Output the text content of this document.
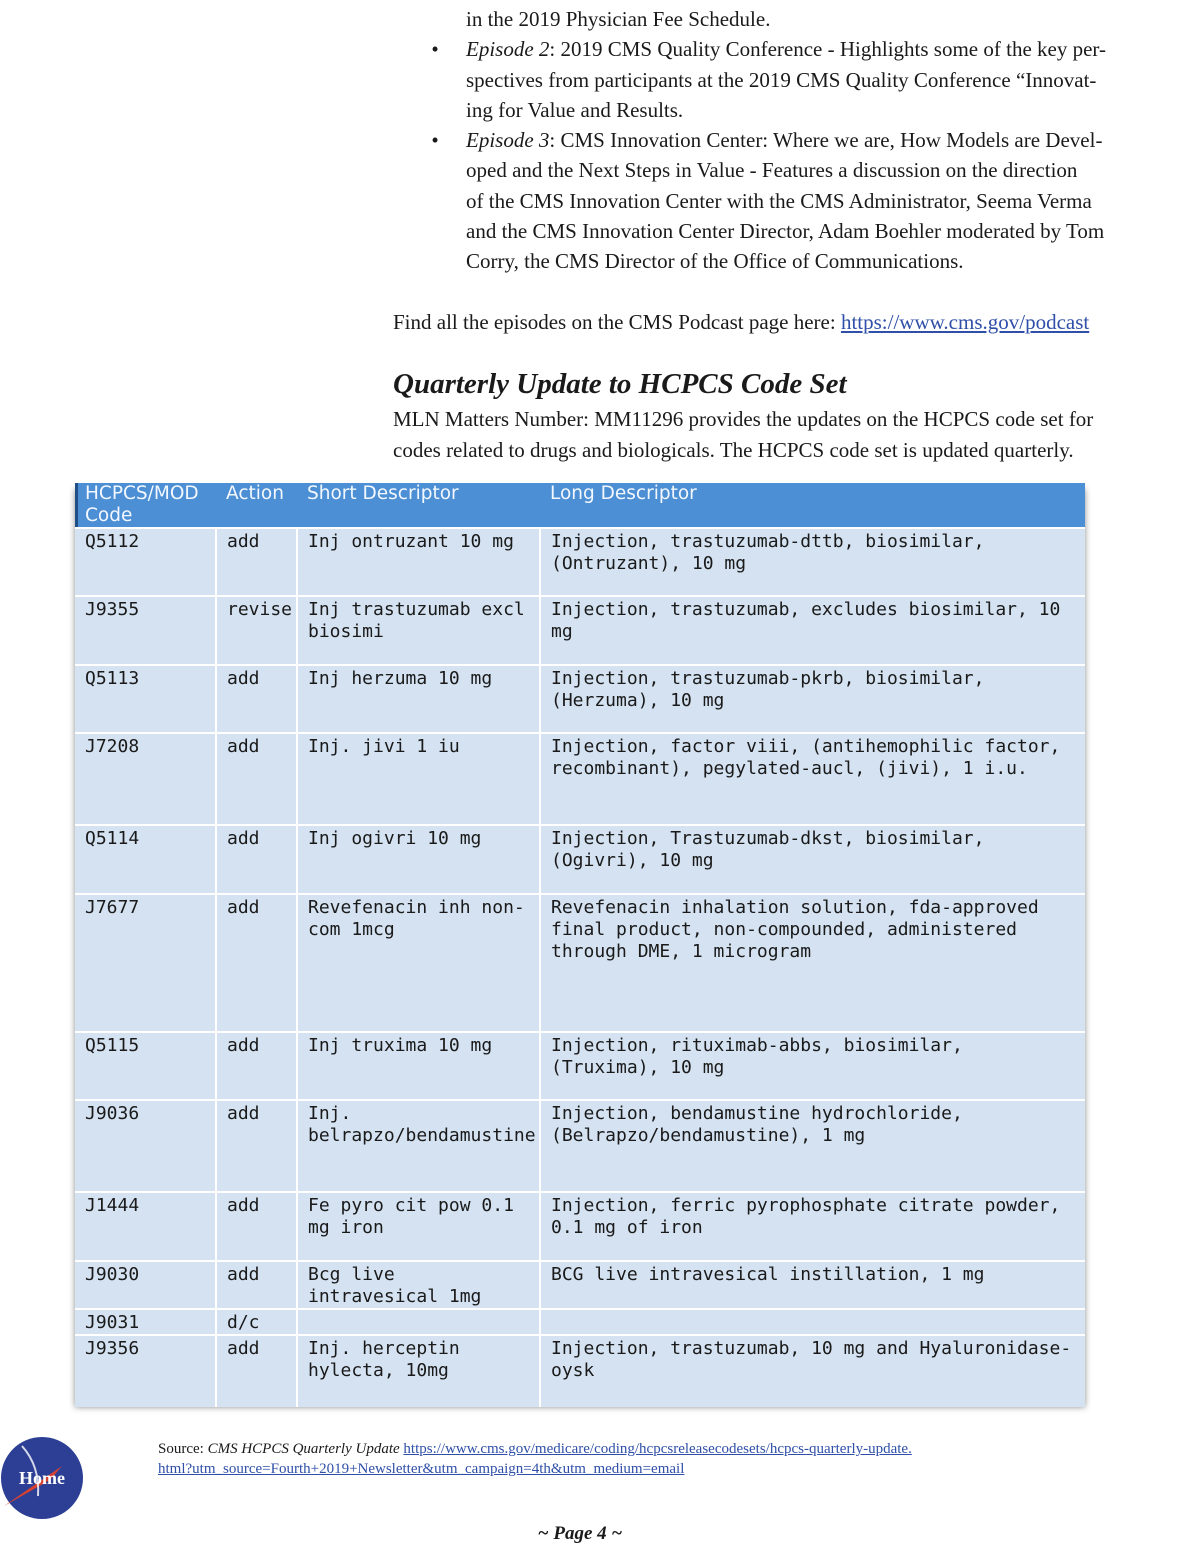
in the 2019 Physician Fee Schedule.
•	Episode 2: 2019 CMS Quality Conference - Highlights some of the key per-
spectives from participants at the 2019 CMS Quality Conference “Innovat-
ing for Value and Results.
•	Episode 3: CMS Innovation Center: Where we are, How Models are Devel-
oped and the Next Steps in Value - Features a discussion on the direction
of the CMS Innovation Center with the CMS Administrator, Seema Verma
and the CMS Innovation Center Director, Adam Boehler moderated by Tom
Corry, the CMS Director of the Office of Communications.
Find all the episodes on the CMS Podcast page here: https://www.cms.gov/podcast
Quarterly Update to HCPCS Code Set
MLN Matters Number: MM11296 provides the updates on the HCPCS code set for
codes related to drugs and biologicals. The HCPCS code set is updated quarterly.
HCPCS/MOD Code	Action	Short Descriptor	Long Descriptor
Q5112	add	Inj ontruzant 10 mg	Injection, trastuzumab-dttb, biosimilar, (Ontruzant), 10 mg
J9355	revise	Inj trastuzumab excl biosimi	Injection, trastuzumab, excludes biosimilar, 10 mg
Q5113	add	Inj herzuma 10 mg	Injection, trastuzumab-pkrb, biosimilar, (Herzuma), 10 mg
J7208	add	Inj. jivi 1 iu	Injection, factor viii, (antihemophilic factor, recombinant), pegylated-aucl, (jivi), 1 i.u.
Q5114	add	Inj ogivri 10 mg	Injection, Trastuzumab-dkst, biosimilar, (Ogivri), 10 mg
J7677	add	Revefenacin inh non-com 1mcg	Revefenacin inhalation solution, fda-approved final product, non-compounded, administered through DME, 1 microgram
Q5115	add	Inj truxima 10 mg	Injection, rituximab-abbs, biosimilar, (Truxima), 10 mg
J9036	add	Inj. belrapzo/bendamustine	Injection, bendamustine hydrochloride, (Belrapzo/bendamustine), 1 mg
J1444	add	Fe pyro cit pow 0.1 mg iron	Injection, ferric pyrophosphate citrate powder, 0.1 mg of iron
J9030	add	Bcg live intravesical 1mg	BCG live intravesical instillation, 1 mg
J9031	d/c		
J9356	add	Inj. herceptin hylecta, 10mg	Injection, trastuzumab, 10 mg and Hyaluronidase-oysk
Home
Source: CMS HCPCS Quarterly Update https://www.cms.gov/medicare/coding/hcpcsreleasecodesets/hcpcs-quarterly-update.
html?utm_source=Fourth+2019+Newsletter&utm_campaign=4th&utm_medium=email
~ Page 4 ~
